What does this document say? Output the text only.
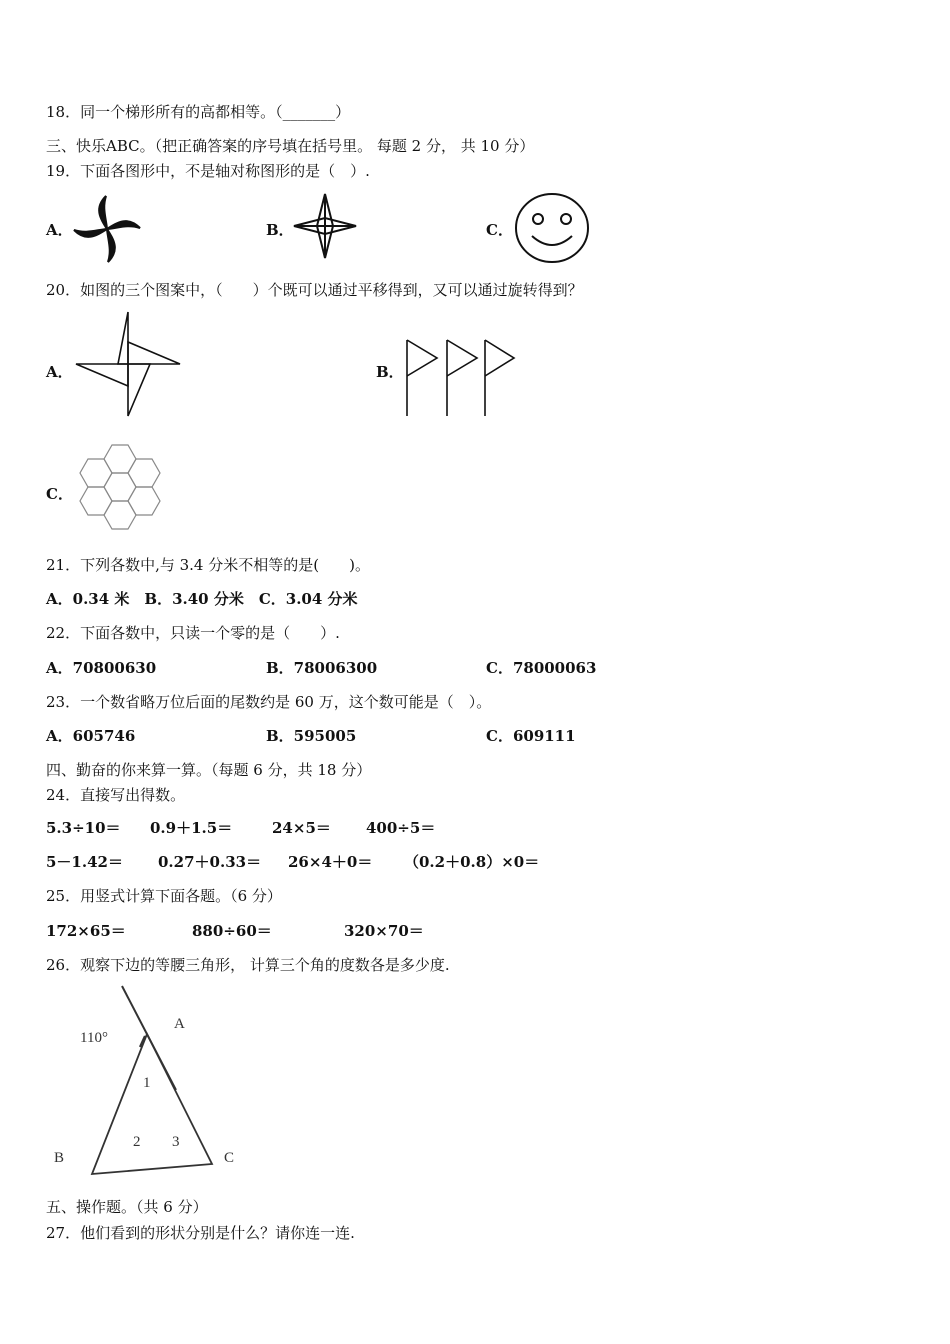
18．同一个梯形所有的高都相等。（_______）
三、快乐ABC。（把正确答案的序号填在括号里。 每题 2 分， 共 10 分）
19．下面各图形中，不是轴对称图形的是（　）.
A．	B．	C．
20．如图的三个图案中，（　　）个既可以通过平移得到，又可以通过旋转得到？
A．	B．
C．
21．下列各数中,与 3.4 分米不相等的是(　　)。
A．0.34 米　B．3.40 分米　C．3.04 分米
22．下面各数中，只读一个零的是（　　）.
A．70800630	B．78006300	C．78000063
23．一个数省略万位后面的尾数约是 60 万，这个数可能是（　）。
A．605746	B．595005	C．609111
四、勤奋的你来算一算。（每题 6 分，共 18 分）
24．直接写出得数。
5.3÷10＝ 0.9＋1.5＝	24×5＝ 400÷5＝
5－1.42＝ 0.27＋0.33＝ 26×4＋0＝ （0.2＋0.8）×0＝
25．用竖式计算下面各题。（6 分）
172×65＝	880÷60＝	320×70＝
26．观察下边的等腰三角形， 计算三个角的度数各是多少度.
110°
A
B	C
1
2 3
五、操作题。（共 6 分）
27．他们看到的形状分别是什么？请你连一连.
